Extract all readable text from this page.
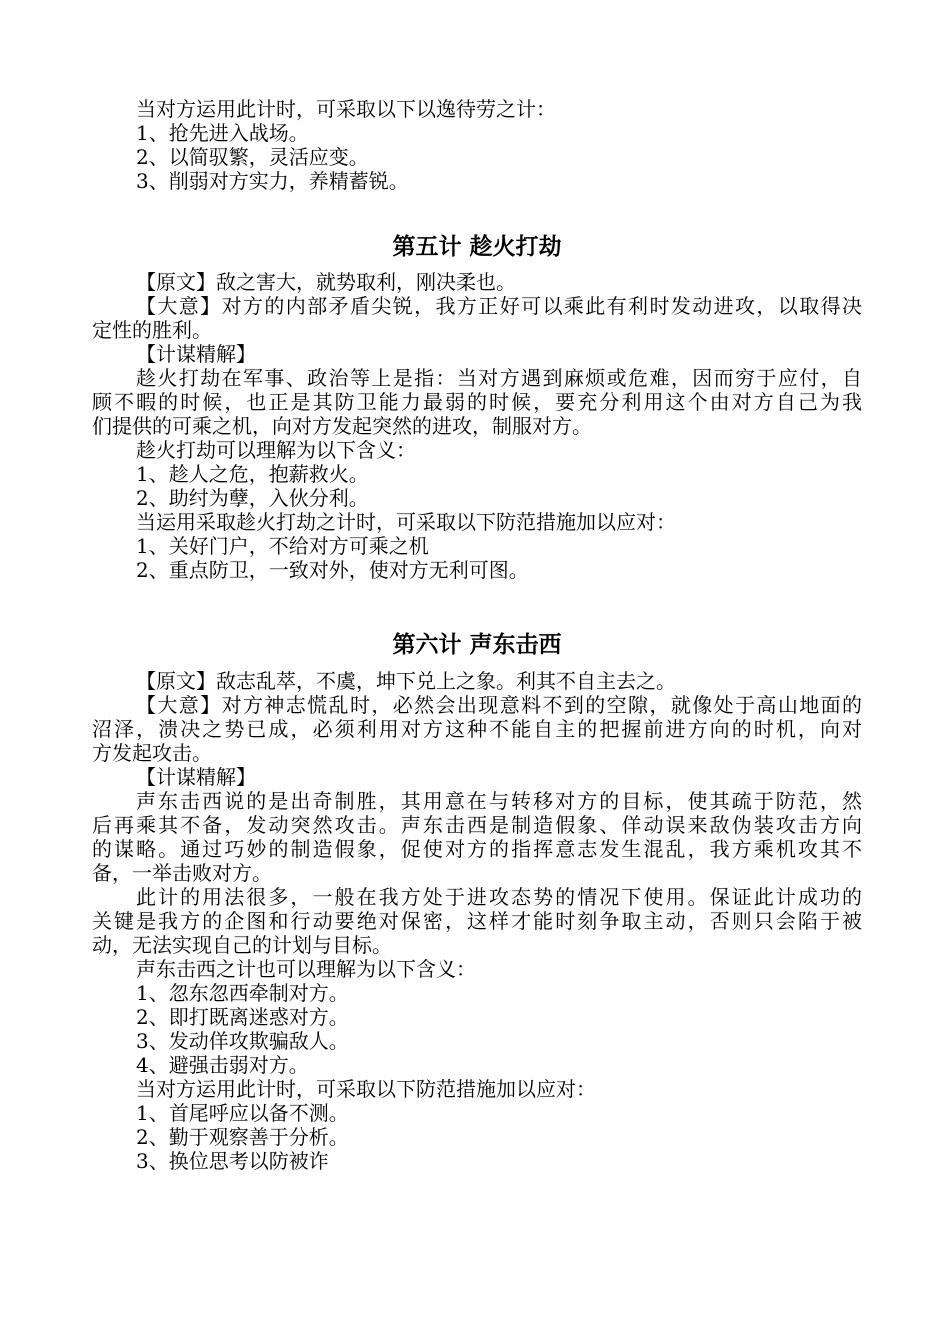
当对方运用此计时，可采取以下以逸待劳之计：
1、抢先进入战场。
2、以简驭繁，灵活应变。
3、削弱对方实力，养精蓄锐。
第五计 趁火打劫
【原文】敌之害大，就势取利，刚决柔也。
【大意】对方的内部矛盾尖锐，我方正好可以乘此有利时发动进攻，以取得决
定性的胜利。
【计谋精解】
趁火打劫在军事、政治等上是指：当对方遇到麻烦或危难，因而穷于应付，自
顾不暇的时候，也正是其防卫能力最弱的时候，要充分利用这个由对方自己为我
们提供的可乘之机，向对方发起突然的进攻，制服对方。
趁火打劫可以理解为以下含义：
1、趁人之危，抱薪救火。
2、助纣为孽，入伙分利。
当运用采取趁火打劫之计时，可采取以下防范措施加以应对：
1、关好门户，不给对方可乘之机
2、重点防卫，一致对外，使对方无利可图。
第六计 声东击西
【原文】敌志乱萃，不虞，坤下兑上之象。利其不自主去之。
【大意】对方神志慌乱时，必然会出现意料不到的空隙，就像处于高山地面的
沼泽，溃决之势已成，必须利用对方这种不能自主的把握前进方向的时机，向对
方发起攻击。
【计谋精解】
声东击西说的是出奇制胜，其用意在与转移对方的目标，使其疏于防范，然
后再乘其不备，发动突然攻击。声东击西是制造假象、佯动误来敌伪装攻击方向
的谋略。通过巧妙的制造假象，促使对方的指挥意志发生混乱，我方乘机攻其不
备，一举击败对方。
此计的用法很多，一般在我方处于进攻态势的情况下使用。保证此计成功的
关键是我方的企图和行动要绝对保密，这样才能时刻争取主动，否则只会陷于被
动，无法实现自己的计划与目标。
声东击西之计也可以理解为以下含义：
1、忽东忽西牵制对方。
2、即打既离迷惑对方。
3、发动佯攻欺骗敌人。
4、避强击弱对方。
当对方运用此计时，可采取以下防范措施加以应对：
1、首尾呼应以备不测。
2、勤于观察善于分析。
3、换位思考以防被诈
